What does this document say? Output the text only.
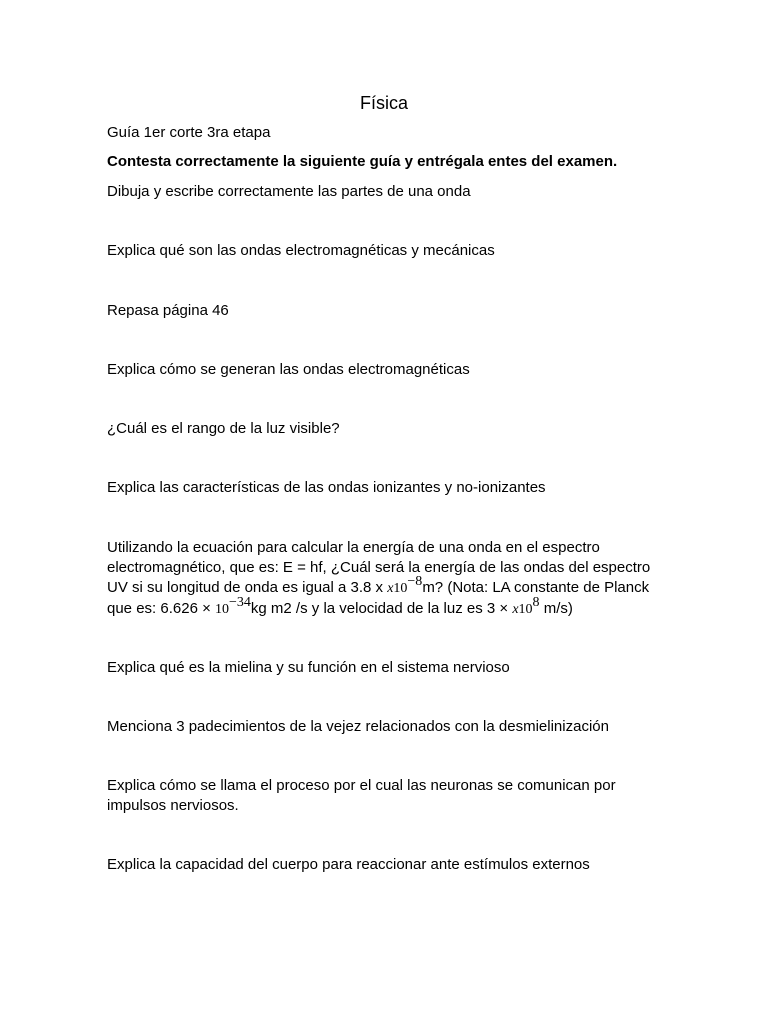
Física

Guía 1er corte 3ra etapa

Contesta correctamente la siguiente guía y entrégala entes del examen.

Dibuja y escribe correctamente las partes de una onda

Explica qué son las ondas electromagnéticas y mecánicas

Repasa página 46

Explica cómo se generan las ondas electromagnéticas

¿Cuál es el rango de la luz visible?

Explica las características de las ondas ionizantes y no-ionizantes

Utilizando la ecuación para calcular la energía de una onda en el espectro
electromagnético, que es: E = hf, ¿Cuál será la energía de las ondas del espectro
UV si su longitud de onda es igual a 3.8 x $x10^{-8}m$? (Nota: LA constante de Planck
que es: $6.626 \times 10^{-34}kg$ m2 /s y la velocidad de la luz es $3 \times x10^8$ m/s)

Explica qué es la mielina y su función en el sistema nervioso

Menciona 3 padecimientos de la vejez relacionados con la desmielinización

Explica cómo se llama el proceso por el cual las neuronas se comunican por
impulsos nerviosos.

Explica la capacidad del cuerpo para reaccionar ante estímulos externos
